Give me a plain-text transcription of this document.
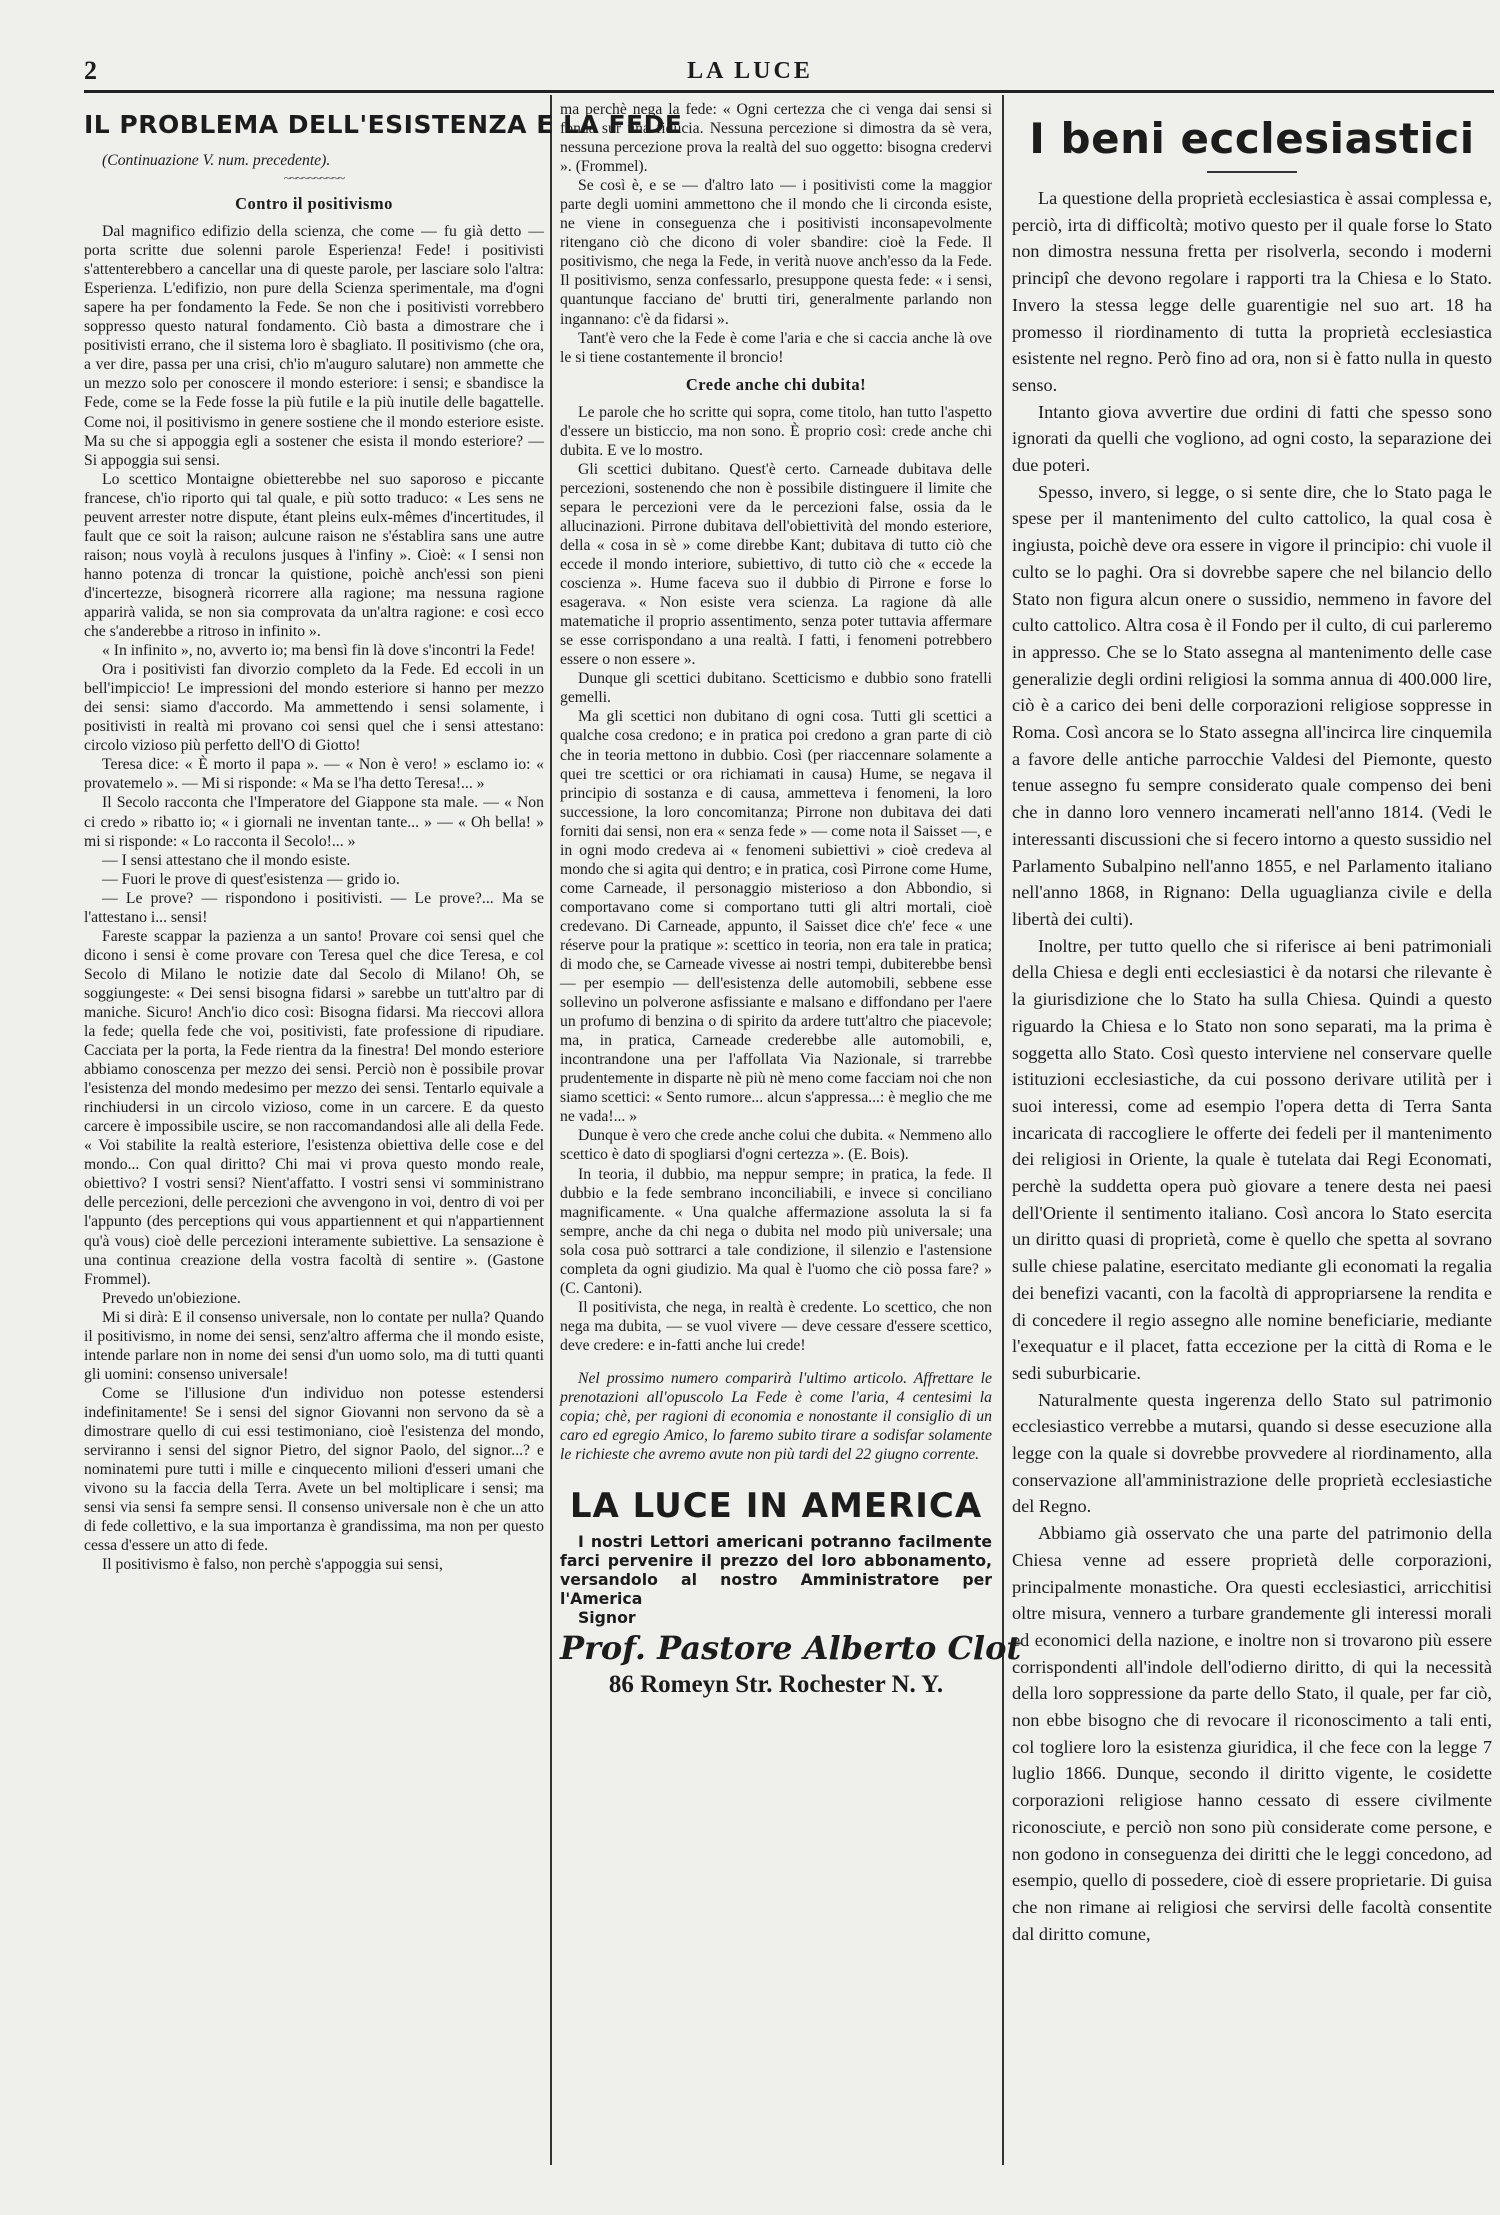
2	LA LUCE
IL PROBLEMA DELL'ESISTENZA E LA FEDE

(Continuazione V. num. precedente).

~~~~~~~~~~
Contro il positivismo

Dal magnifico edifizio della scienza, che come — fu già detto — porta scritte due solenni parole Esperienza! Fede! i positivisti s'attenterebbero a cancellar una di queste parole, per lasciare solo l'altra: Esperienza. L'edifizio, non pure della Scienza sperimentale, ma d'ogni sapere ha per fondamento la Fede. Se non che i positivisti vorrebbero soppresso questo natural fondamento. Ciò basta a dimostrare che i positivisti errano, che il sistema loro è sbagliato. Il positivismo (che ora, a ver dire, passa per una crisi, ch'io m'auguro salutare) non ammette che un mezzo solo per conoscere il mondo esteriore: i sensi; e sbandisce la Fede, come se la Fede fosse la più futile e la più inutile delle bagattelle. Come noi, il positivismo in genere sostiene che il mondo esteriore esiste. Ma su che si appoggia egli a sostener che esista il mondo esteriore? — Si appoggia sui sensi.

Lo scettico Montaigne obietterebbe nel suo saporoso e piccante francese, ch'io riporto qui tal quale, e più sotto traduco: « Les sens ne peuvent arrester notre dispute, étant pleins eulx-mêmes d'incertitudes, il fault que ce soit la raison; aulcune raison ne s'éstablira sans une autre raison; nous voylà à reculons jusques à l'infiny ». Cioè: « I sensi non hanno potenza di troncar la quistione, poichè anch'essi son pieni d'incertezze, bisognerà ricorrere alla ragione; ma nessuna ragione apparirà valida, se non sia comprovata da un'altra ragione: e così ecco che s'anderebbe a ritroso in infinito ».

« In infinito », no, avverto io; ma bensì fin là dove s'incontri la Fede!

Ora i positivisti fan divorzio completo da la Fede. Ed eccoli in un bell'impiccio! Le impressioni del mondo esteriore si hanno per mezzo dei sensi: siamo d'accordo. Ma ammettendo i sensi solamente, i positivisti in realtà mi provano coi sensi quel che i sensi attestano: circolo vizioso più perfetto dell'O di Giotto!

Teresa dice: « È morto il papa ». — « Non è vero! » esclamo io: « provatemelo ». — Mi si risponde: « Ma se l'ha detto Teresa!... »

Il Secolo racconta che l'Imperatore del Giappone sta male. — « Non ci credo » ribatto io; « i giornali ne inventan tante... » — « Oh bella! » mi si risponde: « Lo racconta il Secolo!... »

— I sensi attestano che il mondo esiste.

— Fuori le prove di quest'esistenza — grido io.

— Le prove? — rispondono i positivisti. — Le prove?... Ma se l'attestano i... sensi!

Fareste scappar la pazienza a un santo! Provare coi sensi quel che dicono i sensi è come provare con Teresa quel che dice Teresa, e col Secolo di Milano le notizie date dal Secolo di Milano! Oh, se soggiungeste: « Dei sensi bisogna fidarsi » sarebbe un tutt'altro par di maniche. Sicuro! Anch'io dico così: Bisogna fidarsi. Ma rieccovi allora la fede; quella fede che voi, positivisti, fate professione di ripudiare. Cacciata per la porta, la Fede rientra da la finestra! Del mondo esteriore abbiamo conoscenza per mezzo dei sensi. Perciò non è possibile provar l'esistenza del mondo medesimo per mezzo dei sensi. Tentarlo equivale a rinchiudersi in un circolo vizioso, come in un carcere. E da questo carcere è impossibile uscire, se non raccomandandosi alle ali della Fede. « Voi stabilite la realtà esteriore, l'esistenza obiettiva delle cose e del mondo... Con qual diritto? Chi mai vi prova questo mondo reale, obiettivo? I vostri sensi? Nient'affatto. I vostri sensi vi somministrano delle percezioni, delle percezioni che avvengono in voi, dentro di voi per l'appunto (des perceptions qui vous appartiennent et qui n'appartiennent qu'à vous) cioè delle percezioni interamente subiettive. La sensazione è una continua creazione della vostra facoltà di sentire ». (Gastone Frommel).

Prevedo un'obiezione.

Mi si dirà: E il consenso universale, non lo contate per nulla? Quando il positivismo, in nome dei sensi, senz'altro afferma che il mondo esiste, intende parlare non in nome dei sensi d'un uomo solo, ma di tutti quanti gli uomini: consenso universale!

Come se l'illusione d'un individuo non potesse estendersi indefinitamente! Se i sensi del signor Giovanni non servono da sè a dimostrare quello di cui essi testimoniano, cioè l'esistenza del mondo, serviranno i sensi del signor Pietro, del signor Paolo, del signor...? e nominatemi pure tutti i mille e cinquecento milioni d'esseri umani che vivono su la faccia della Terra. Avete un bel moltiplicare i sensi; ma sensi via sensi fa sempre sensi. Il consenso universale non è che un atto di fede collettivo, e la sua importanza è grandissima, ma non per questo cessa d'essere un atto di fede.

Il positivismo è falso, non perchè s'appoggia sui sensi,

ma perchè nega la fede: « Ogni certezza che ci venga dai sensi si fonda sur una fiducia. Nessuna percezione si dimostra da sè vera, nessuna percezione prova la realtà del suo oggetto: bisogna credervi ». (Frommel).

Se così è, e se — d'altro lato — i positivisti come la maggior parte degli uomini ammettono che il mondo che li circonda esiste, ne viene in conseguenza che i positivisti inconsapevolmente ritengano ciò che dicono di voler sbandire: cioè la Fede. Il positivismo, che nega la Fede, in verità nuove anch'esso da la Fede. Il positivismo, senza confessarlo, presuppone questa fede: « i sensi, quantunque facciano de' brutti tiri, generalmente parlando non ingannano: c'è da fidarsi ».

Tant'è vero che la Fede è come l'aria e che si caccia anche là ove le si tiene costantemente il broncio!

Crede anche chi dubita!

Le parole che ho scritte qui sopra, come titolo, han tutto l'aspetto d'essere un bisticcio, ma non sono. È proprio così: crede anche chi dubita. E ve lo mostro.

Gli scettici dubitano. Quest'è certo. Carneade dubitava delle percezioni, sostenendo che non è possibile distinguere il limite che separa le percezioni vere da le percezioni false, ossia da le allucinazioni. Pirrone dubitava dell'obiettività del mondo esteriore, della « cosa in sè » come direbbe Kant; dubitava di tutto ciò che eccede il mondo interiore, subiettivo, di tutto ciò che « eccede la coscienza ». Hume faceva suo il dubbio di Pirrone e forse lo esagerava. « Non esiste vera scienza. La ragione dà alle matematiche il proprio assentimento, senza poter tuttavia affermare se esse corrispondano a una realtà. I fatti, i fenomeni potrebbero essere o non essere ».

Dunque gli scettici dubitano. Scetticismo e dubbio sono fratelli gemelli.

Ma gli scettici non dubitano di ogni cosa. Tutti gli scettici a qualche cosa credono; e in pratica poi credono a gran parte di ciò che in teoria mettono in dubbio. Così (per riaccennare solamente a quei tre scettici or ora richiamati in causa) Hume, se negava il principio di sostanza e di causa, ammetteva i fenomeni, la loro successione, la loro concomitanza; Pirrone non dubitava dei dati forniti dai sensi, non era « senza fede » — come nota il Saisset —, e in ogni modo credeva ai « fenomeni subiettivi » cioè credeva al mondo che si agita qui dentro; e in pratica, così Pirrone come Hume, come Carneade, il personaggio misterioso a don Abbondio, si comportavano come si comportano tutti gli altri mortali, cioè credevano. Di Carneade, appunto, il Saisset dice ch'e' fece « une réserve pour la pratique »: scettico in teoria, non era tale in pratica; di modo che, se Carneade vivesse ai nostri tempi, dubiterebbe bensì — per esempio — dell'esistenza delle automobili, sebbene esse sollevino un polverone asfissiante e malsano e diffondano per l'aere un profumo di benzina o di spirito da ardere tutt'altro che piacevole; ma, in pratica, Carneade crederebbe alle automobili, e, incontrandone una per l'affollata Via Nazionale, si trarrebbe prudentemente in disparte nè più nè meno come facciam noi che non siamo scettici: « Sento rumore... alcun s'appressa...: è meglio che me ne vada!... »

Dunque è vero che crede anche colui che dubita. « Nemmeno allo scettico è dato di spogliarsi d'ogni certezza ». (E. Bois).

In teoria, il dubbio, ma neppur sempre; in pratica, la fede. Il dubbio e la fede sembrano inconciliabili, e invece si conciliano magnificamente. « Una qualche affermazione assoluta la si fa sempre, anche da chi nega o dubita nel modo più universale; una sola cosa può sottrarci a tale condizione, il silenzio e l'astensione completa da ogni giudizio. Ma qual è l'uomo che ciò possa fare? » (C. Cantoni).

Il positivista, che nega, in realtà è credente. Lo scettico, che non nega ma dubita, — se vuol vivere — deve cessare d'essere scettico, deve credere: e in-fatti anche lui crede!

Nel prossimo numero comparirà l'ultimo articolo. Affrettare le prenotazioni all'opuscolo La Fede è come l'aria, 4 centesimi la copia; chè, per ragioni di economia e nonostante il consiglio di un caro ed egregio Amico, lo faremo subito tirare a sodisfar solamente le richieste che avremo avute non più tardi del 22 giugno corrente.

LA LUCE IN AMERICA

I nostri Lettori americani potranno facilmente farci pervenire il prezzo del loro abbonamento, versandolo al nostro Amministratore per l'America

Signor

Prof. Pastore Alberto Clot
86 Romeyn Str. Rochester N. Y.
I beni ecclesiastici

La questione della proprietà ecclesiastica è assai complessa e, perciò, irta di difficoltà; motivo questo per il quale forse lo Stato non dimostra nessuna fretta per risolverla, secondo i moderni principî che devono regolare i rapporti tra la Chiesa e lo Stato. Invero la stessa legge delle guarentigie nel suo art. 18 ha promesso il riordinamento di tutta la proprietà ecclesiastica esistente nel regno. Però fino ad ora, non si è fatto nulla in questo senso.

Intanto giova avvertire due ordini di fatti che spesso sono ignorati da quelli che vogliono, ad ogni costo, la separazione dei due poteri.

Spesso, invero, si legge, o si sente dire, che lo Stato paga le spese per il mantenimento del culto cattolico, la qual cosa è ingiusta, poichè deve ora essere in vigore il principio: chi vuole il culto se lo paghi. Ora si dovrebbe sapere che nel bilancio dello Stato non figura alcun onere o sussidio, nemmeno in favore del culto cattolico. Altra cosa è il Fondo per il culto, di cui parleremo in appresso. Che se lo Stato assegna al mantenimento delle case generalizie degli ordini religiosi la somma annua di 400.000 lire, ciò è a carico dei beni delle corporazioni religiose soppresse in Roma. Così ancora se lo Stato assegna all'incirca lire cinquemila a favore delle antiche parrocchie Valdesi del Piemonte, questo tenue assegno fu sempre considerato quale compenso dei beni che in danno loro vennero incamerati nell'anno 1814. (Vedi le interessanti discussioni che si fecero intorno a questo sussidio nel Parlamento Subalpino nell'anno 1855, e nel Parlamento italiano nell'anno 1868, in Rignano: Della uguaglianza civile e della libertà dei culti).

Inoltre, per tutto quello che si riferisce ai beni patrimoniali della Chiesa e degli enti ecclesiastici è da notarsi che rilevante è la giurisdizione che lo Stato ha sulla Chiesa. Quindi a questo riguardo la Chiesa e lo Stato non sono separati, ma la prima è soggetta allo Stato. Così questo interviene nel conservare quelle istituzioni ecclesiastiche, da cui possono derivare utilità per i suoi interessi, come ad esempio l'opera detta di Terra Santa incaricata di raccogliere le offerte dei fedeli per il mantenimento dei religiosi in Oriente, la quale è tutelata dai Regi Economati, perchè la suddetta opera può giovare a tenere desta nei paesi dell'Oriente il sentimento italiano. Così ancora lo Stato esercita un diritto quasi di proprietà, come è quello che spetta al sovrano sulle chiese palatine, esercitato mediante gli economati la regalia dei benefizi vacanti, con la facoltà di appropriarsene la rendita e di concedere il regio assegno alle nomine beneficiarie, mediante l'exequatur e il placet, fatta eccezione per la città di Roma e le sedi suburbicarie.

Naturalmente questa ingerenza dello Stato sul patrimonio ecclesiastico verrebbe a mutarsi, quando si desse esecuzione alla legge con la quale si dovrebbe provvedere al riordinamento, alla conservazione all'amministrazione delle proprietà ecclesiastiche del Regno.

Abbiamo già osservato che una parte del patrimonio della Chiesa venne ad essere proprietà delle corporazioni, principalmente monastiche. Ora questi ecclesiastici, arricchitisi oltre misura, vennero a turbare grandemente gli interessi morali ed economici della nazione, e inoltre non si trovarono più essere corrispondenti all'indole dell'odierno diritto, di qui la necessità della loro soppressione da parte dello Stato, il quale, per far ciò, non ebbe bisogno che di revocare il riconoscimento a tali enti, col togliere loro la esistenza giuridica, il che fece con la legge 7 luglio 1866. Dunque, secondo il diritto vigente, le cosidette corporazioni religiose hanno cessato di essere civilmente riconosciute, e perciò non sono più considerate come persone, e non godono in conseguenza dei diritti che le leggi concedono, ad esempio, quello di possedere, cioè di essere proprietarie. Di guisa che non rimane ai religiosi che servirsi delle facoltà consentite dal diritto comune,
